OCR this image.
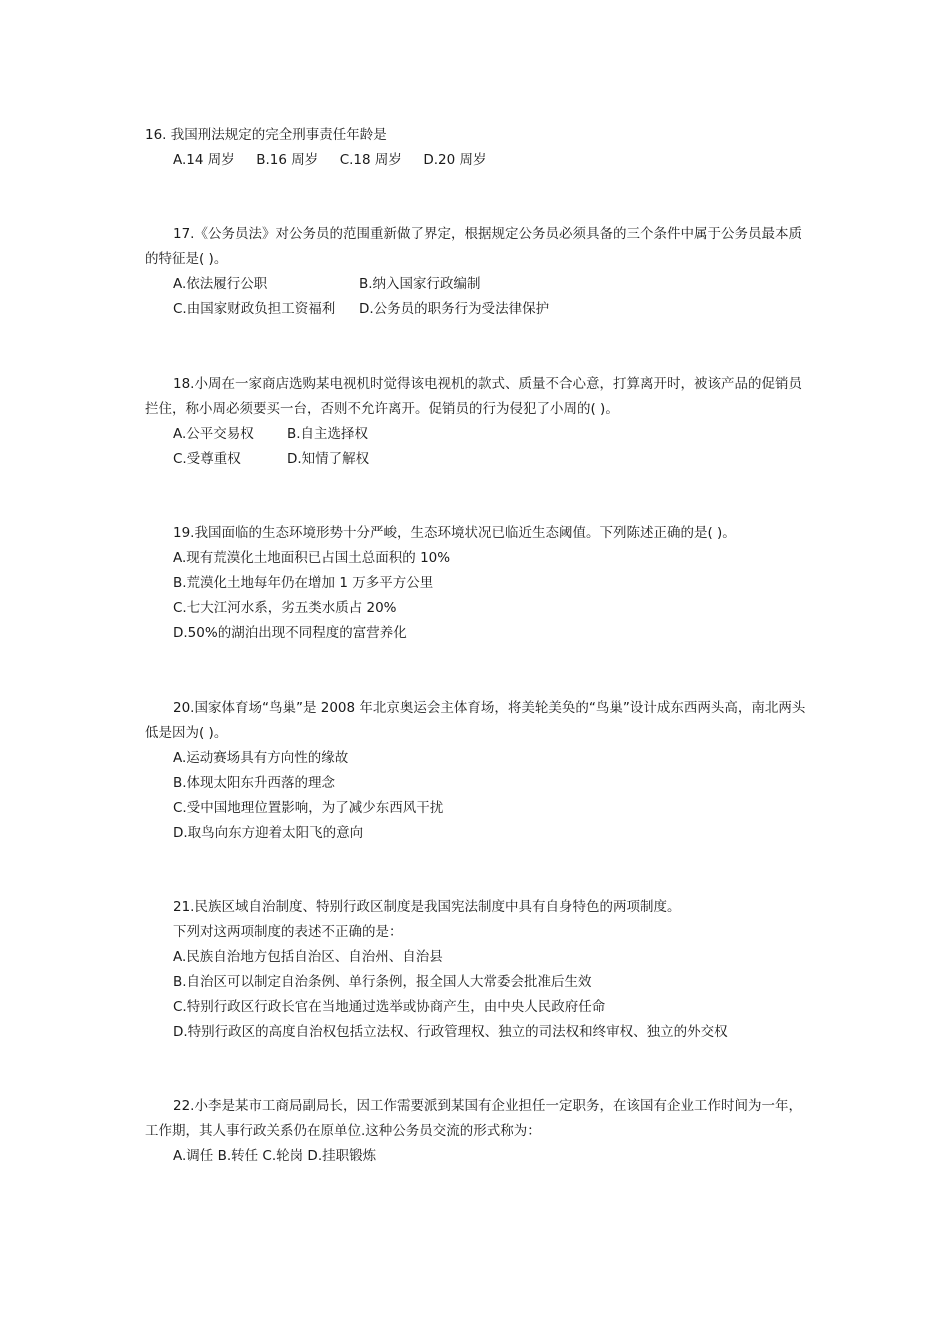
16. 我国刑法规定的完全刑事责任年龄是
A.14 周岁     B.16 周岁     C.18 周岁     D.20 周岁
17.《公务员法》对公务员的范围重新做了界定，根据规定公务员必须具备的三个条件中属于公务员最本质的特征是( )。
A.依法履行公职	B.纳入国家行政编制
C.由国家财政负担工资福利 D.公务员的职务行为受法律保护
18.小周在一家商店选购某电视机时觉得该电视机的款式、质量不合心意，打算离开时，被该产品的促销员拦住，称小周必须要买一台，否则不允许离开。促销员的行为侵犯了小周的( )。
A.公平交易权 B.自主选择权
C.受尊重权	D.知情了解权
19.我国面临的生态环境形势十分严峻，生态环境状况已临近生态阈值。下列陈述正确的是( )。
A.现有荒漠化土地面积已占国土总面积的 10%
B.荒漠化土地每年仍在增加 1 万多平方公里
C.七大江河水系，劣五类水质占 20%
D.50%的湖泊出现不同程度的富营养化
20.国家体育场“鸟巢”是 2008 年北京奥运会主体育场，将美轮美奂的“鸟巢”设计成东西两头高，南北两头低是因为( )。
A.运动赛场具有方向性的缘故
B.体现太阳东升西落的理念
C.受中国地理位置影响，为了减少东西风干扰
D.取鸟向东方迎着太阳飞的意向
21.民族区域自治制度、特别行政区制度是我国宪法制度中具有自身特色的两项制度。
下列对这两项制度的表述不正确的是：
A.民族自治地方包括自治区、自治州、自治县
B.自治区可以制定自治条例、单行条例，报全国人大常委会批准后生效
C.特别行政区行政长官在当地通过选举或协商产生，由中央人民政府任命
D.特别行政区的高度自治权包括立法权、行政管理权、独立的司法权和终审权、独立的外交权
22.小李是某市工商局副局长，因工作需要派到某国有企业担任一定职务，在该国有企业工作时间为一年，工作期，其人事行政关系仍在原单位.这种公务员交流的形式称为：
A.调任 B.转任 C.轮岗 D.挂职锻炼
